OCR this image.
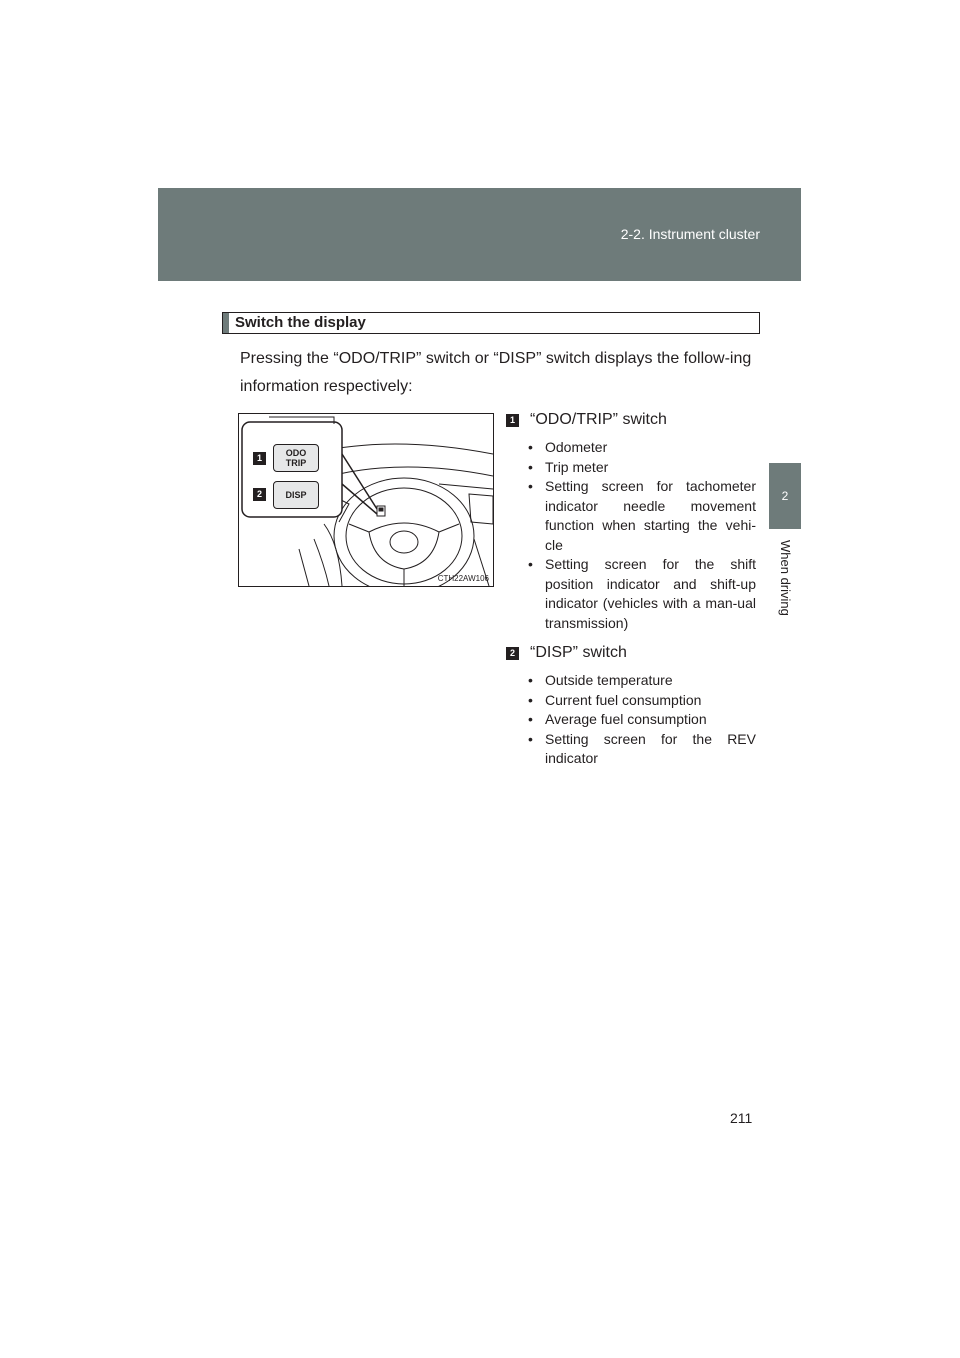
2-2. Instrument cluster
2
When driving
Switch the display
Pressing the “ODO/TRIP” switch or “DISP” switch displays the follow-ing information respectively:
1	ODO
TRIP
2	DISP
CTH22AW106
1 “ODO/TRIP” switch
• Odometer
• Trip meter
• Setting screen for tachometer indicator needle movement function when starting the vehi-cle
• Setting screen for the shift position indicator and shift-up indicator (vehicles with a man-ual transmission)
2 “DISP” switch
• Outside temperature
• Current fuel consumption
• Average fuel consumption
• Setting screen for the REV indicator
211
